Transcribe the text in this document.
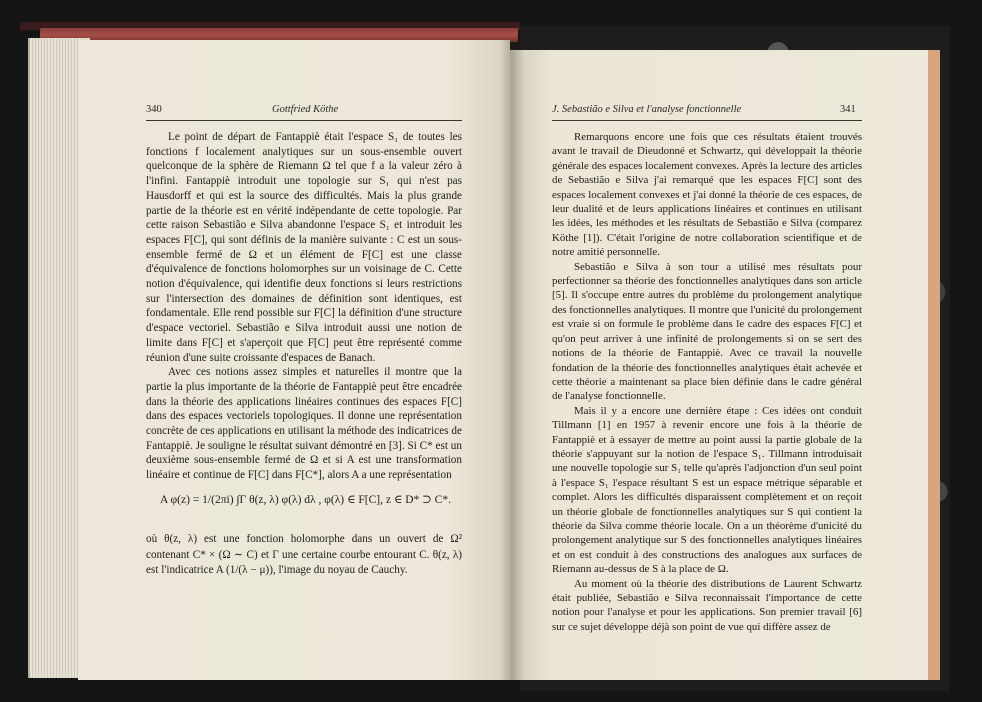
340	Gottfried Köthe

Le point de départ de Fantappiè était l'espace S₁ de toutes les fonctions f localement analytiques sur un sous-ensemble ouvert quelconque de la sphère de Riemann Ω tel que f a la valeur zéro à l'infini. Fantappiè introduit une topologie sur S₁ qui n'est pas Hausdorff et qui est la source des difficultés. Mais la plus grande partie de la théorie est en vérité indépendante de cette topologie. Par cette raison Sebastião e Silva abandonne l'espace S₁ et introduit les espaces F[C], qui sont définis de la manière suivante : C est un sous-ensemble fermé de Ω et un élément de F[C] est une classe d'équivalence de fonctions holomorphes sur un voisinage de C. Cette notion d'équivalence, qui identifie deux fonctions si leurs restrictions sur l'intersection des domaines de définition sont identiques, est fondamentale. Elle rend possible sur F[C] la définition d'une structure d'espace vectoriel. Sebastião e Silva introduit aussi une notion de limite dans F[C] et s'aperçoit que F[C] peut être représenté comme réunion d'une suite croissante d'espaces de Banach.

Avec ces notions assez simples et naturelles il montre que la partie la plus importante de la théorie de Fantappiè peut être encadrée dans la théorie des applications linéaires continues des espaces F[C] dans des espaces vectoriels topologiques. Il donne une représentation concrète de ces applications en utilisant la méthode des indicatrices de Fantappiè. Je souligne le résultat suivant démontré en [3]. Si C* est un deuxième sous-ensemble fermé de Ω et si A est une transformation linéaire et continue de F[C] dans F[C*], alors A a une représentation

A φ(z) = 1/(2πi) ∫Γ θ(z, λ) φ(λ) dλ , φ(λ) ∈ F[C], z ∈ D* ⊃ C*.

où θ(z, λ) est une fonction holomorphe dans un ouvert de Ω² contenant C* × (Ω ∼ C) et Γ une certaine courbe entourant C. θ(z, λ) est l'indicatrice A (1/(λ − μ)), l'image du noyau de Cauchy.

J. Sebastião e Silva et l'analyse fonctionnelle	341

Remarquons encore une fois que ces résultats étaient trouvés avant le travail de Dieudonné et Schwartz, qui développait la théorie générale des espaces localement convexes. Après la lecture des articles de Sebastião e Silva j'ai remarqué que les espaces F[C] sont des espaces localement convexes et j'ai donné la théorie de ces espaces, de leur dualité et de leurs applications linéaires et continues en utilisant les idées, les méthodes et les résultats de Sebastião e Silva (comparez Köthe [1]). C'était l'origine de notre collaboration scientifique et de notre amitié personnelle.

Sebastião e Silva à son tour a utilisé mes résultats pour perfectionner sa théorie des fonctionnelles analytiques dans son article [5]. Il s'occupe entre autres du problème du prolongement analytique des fonctionnelles analytiques. Il montre que l'unicité du prolongement est vraie si on formule le problème dans le cadre des espaces F[C] et qu'on peut arriver à une infinité de prolongements si on se sert des notions de la théorie de Fantappiè. Avec ce travail la nouvelle fondation de la théorie des fonctionnelles analytiques était achevée et cette théorie a maintenant sa place bien définie dans le cadre général de l'analyse fonctionnelle.

Mais il y a encore une dernière étape : Ces idées ont conduit Tillmann [1] en 1957 à revenir encore une fois à la théorie de Fantappiè et à essayer de mettre au point aussi la partie globale de la théorie s'appuyant sur la notion de l'espace S₁. Tillmann introduisait une nouvelle topologie sur S₁ telle qu'après l'adjonction d'un seul point à l'espace S₁ l'espace résultant S est un espace métrique séparable et complet. Alors les difficultés disparaissent complètement et on reçoit un théorie globale de fonctionnelles analytiques sur S qui contient la théorie da Silva comme théorie locale. On a un théorème d'unicité du prolongement analytique sur S des fonctionnelles analytiques linéaires et on est conduit à des constructions des analogues aux surfaces de Riemann au-dessus de S à la place de Ω.

Au moment où la théorie des distributions de Laurent Schwartz était publiée, Sebastião e Silva reconnaissait l'importance de cette notion pour l'analyse et pour les applications. Son premier travail [6] sur ce sujet développe déjà son point de vue qui diffère assez de
